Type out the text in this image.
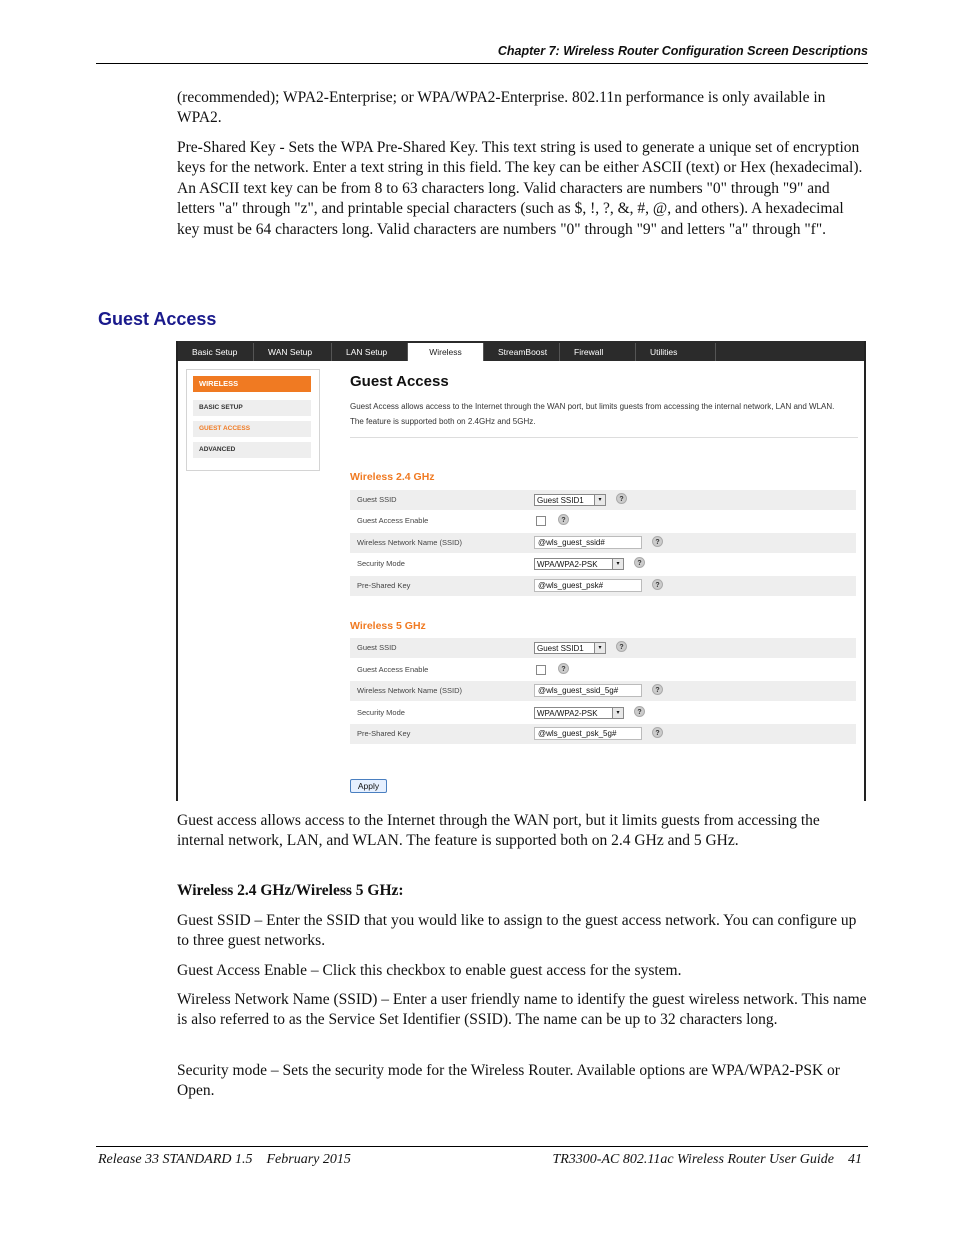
Chapter 7: Wireless Router Configuration Screen Descriptions
(recommended); WPA2-Enterprise; or WPA/WPA2-Enterprise. 802.11n performance is only available in WPA2.
Pre-Shared Key - Sets the WPA Pre-Shared Key. This text string is used to generate a unique set of encryption keys for the network. Enter a text string in this field. The key can be either ASCII (text) or Hex (hexadecimal). An ASCII text key can be from 8 to 63 characters long. Valid characters are numbers "0" through "9" and letters "a" through "z", and printable special characters (such as $, !, ?, &, #, @, and others). A hexadecimal key must be 64 characters long. Valid characters are numbers "0" through "9" and letters "a" through "f".
Guest Access
Basic Setup	WAN Setup	LAN Setup	Wireless	StreamBoost	Firewall	Utilities
WIRELESS
BASIC SETUP
GUEST ACCESS
ADVANCED
Guest Access
Guest Access allows access to the Internet through the WAN port, but limits guests from accessing the internal network, LAN and WLAN. The feature is supported both on 2.4GHz and 5GHz.
Wireless 2.4 GHz
Guest SSID	Guest SSID1	▾	?
Guest Access Enable	?
Wireless Network Name (SSID)	@wls_guest_ssid#	?
Security Mode	WPA/WPA2-PSK	▾	?
Pre-Shared Key	@wls_guest_psk#	?
Wireless 5 GHz
Guest SSID	Guest SSID1	▾	?
Guest Access Enable	?
Wireless Network Name (SSID)	@wls_guest_ssid_5g#	?
Security Mode	WPA/WPA2-PSK	▾	?
Pre-Shared Key	@wls_guest_psk_5g#	?
Apply
Guest access allows access to the Internet through the WAN port, but it limits guests from accessing the internal network, LAN, and WLAN. The feature is supported both on 2.4 GHz and 5 GHz.
Wireless 2.4 GHz/Wireless 5 GHz:
Guest SSID – Enter the SSID that you would like to assign to the guest access network. You can configure up to three guest networks.
Guest Access Enable – Click this checkbox to enable guest access for the system.
Wireless Network Name (SSID) – Enter a user friendly name to identify the guest wireless network. This name is also referred to as the Service Set Identifier (SSID). The name can be up to 32 characters long.
Security mode – Sets the security mode for the Wireless Router. Available options are WPA/WPA2-PSK or Open.
Release 33 STANDARD 1.5    February 2015	TR3300-AC 802.11ac Wireless Router User Guide    41
